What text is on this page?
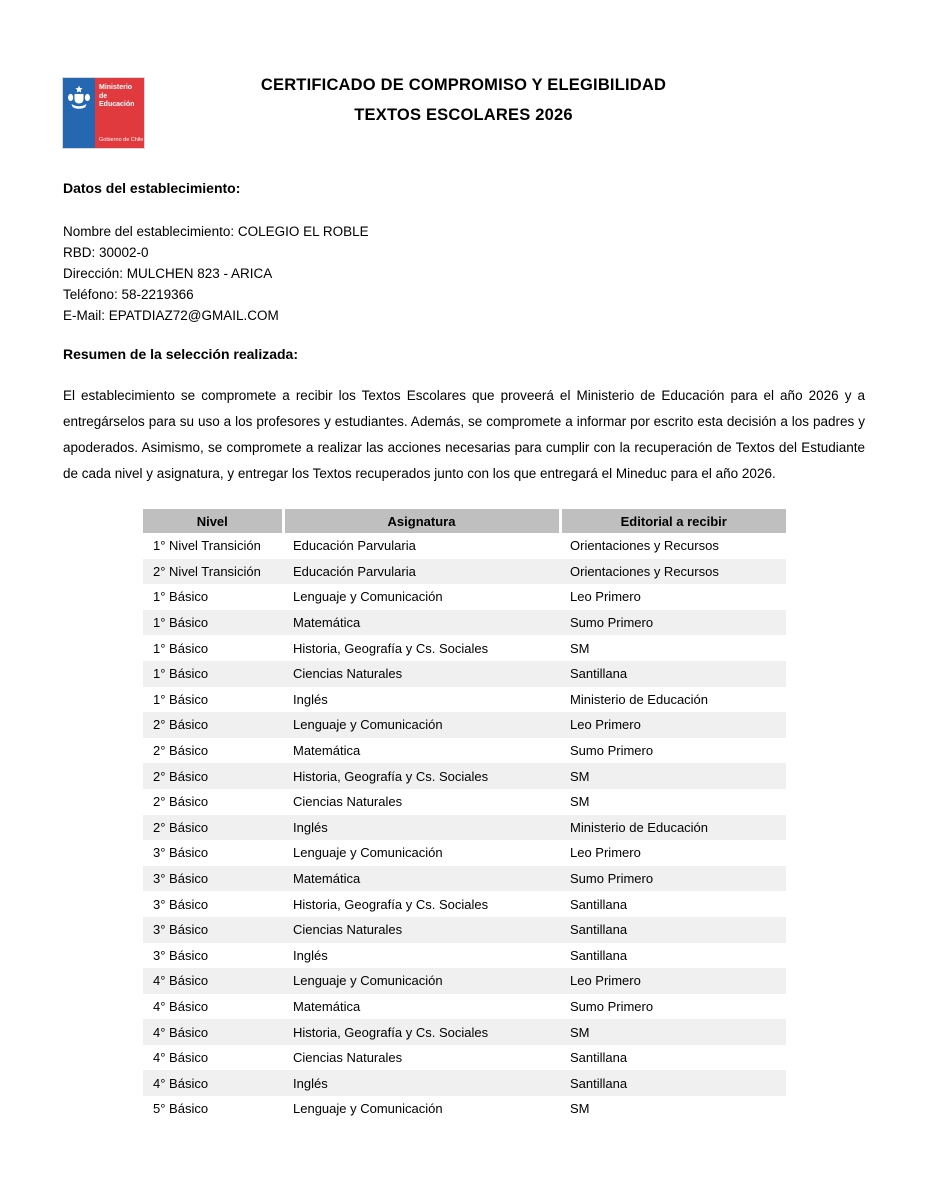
Ministerio de Educación
Gobierno de Chile
CERTIFICADO DE COMPROMISO Y ELEGIBILIDAD
TEXTOS ESCOLARES 2026
Datos del establecimiento:
Nombre del establecimiento: COLEGIO EL ROBLE
RBD: 30002-0
Dirección: MULCHEN 823 - ARICA
Teléfono: 58-2219366
E-Mail: EPATDIAZ72@GMAIL.COM
Resumen de la selección realizada:
El establecimiento se compromete a recibir los Textos Escolares que proveerá el Ministerio de Educación para el año 2026 y a entregárselos para su uso a los profesores y estudiantes. Además, se compromete a informar por escrito esta decisión a los padres y apoderados. Asimismo, se compromete a realizar las acciones necesarias para cumplir con la recuperación de Textos del Estudiante de cada nivel y asignatura, y entregar los Textos recuperados junto con los que entregará el Mineduc para el año 2026.
Nivel	Asignatura	Editorial a recibir
1° Nivel Transición	Educación Parvularia	Orientaciones y Recursos
2° Nivel Transición	Educación Parvularia	Orientaciones y Recursos
1° Básico	Lenguaje y Comunicación	Leo Primero
1° Básico	Matemática	Sumo Primero
1° Básico	Historia, Geografía y Cs. Sociales	SM
1° Básico	Ciencias Naturales	Santillana
1° Básico	Inglés	Ministerio de Educación
2° Básico	Lenguaje y Comunicación	Leo Primero
2° Básico	Matemática	Sumo Primero
2° Básico	Historia, Geografía y Cs. Sociales	SM
2° Básico	Ciencias Naturales	SM
2° Básico	Inglés	Ministerio de Educación
3° Básico	Lenguaje y Comunicación	Leo Primero
3° Básico	Matemática	Sumo Primero
3° Básico	Historia, Geografía y Cs. Sociales	Santillana
3° Básico	Ciencias Naturales	Santillana
3° Básico	Inglés	Santillana
4° Básico	Lenguaje y Comunicación	Leo Primero
4° Básico	Matemática	Sumo Primero
4° Básico	Historia, Geografía y Cs. Sociales	SM
4° Básico	Ciencias Naturales	Santillana
4° Básico	Inglés	Santillana
5° Básico	Lenguaje y Comunicación	SM
